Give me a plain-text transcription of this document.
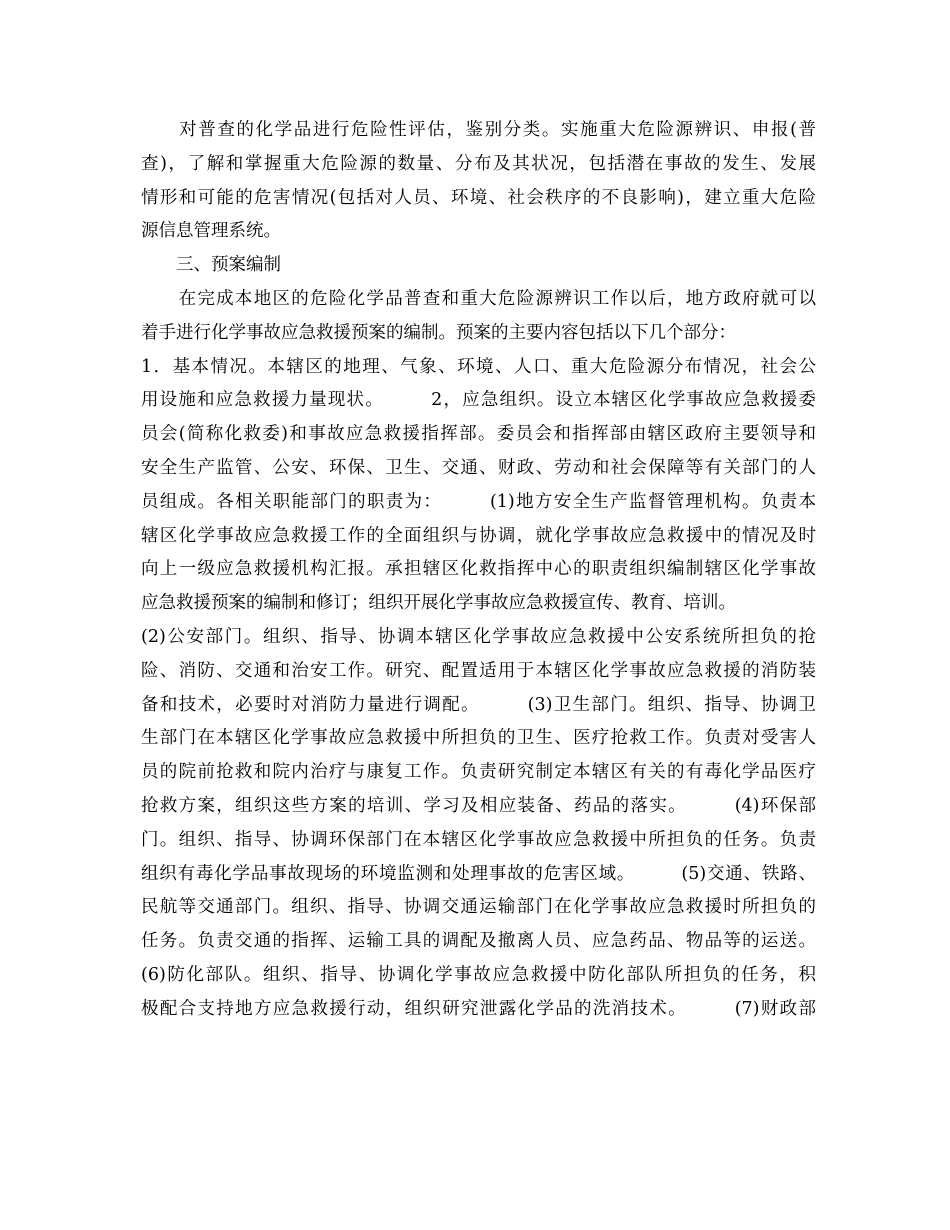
　　对普查的化学品进行危险性评估，鉴别分类。实施重大危险源辨识、申报(普
查)，了解和掌握重大危险源的数量、分布及其状况，包括潜在事故的发生、发展
情形和可能的危害情况(包括对人员、环境、社会秩序的不良影响)，建立重大危险
源信息管理系统。
　　三、预案编制
　　在完成本地区的危险化学品普查和重大危险源辨识工作以后，地方政府就可以
着手进行化学事故应急救援预案的编制。预案的主要内容包括以下几个部分：
1．基本情况。本辖区的地理、气象、环境、人口、重大危险源分布情况，社会公
用设施和应急救援力量现状。　　　2，应急组织。设立本辖区化学事故应急救援委
员会(简称化救委)和事故应急救援指挥部。委员会和指挥部由辖区政府主要领导和
安全生产监管、公安、环保、卫生、交通、财政、劳动和社会保障等有关部门的人
员组成。各相关职能部门的职责为：　　　(1)地方安全生产监督管理机构。负责本
辖区化学事故应急救援工作的全面组织与协调，就化学事故应急救援中的情况及时
向上一级应急救援机构汇报。承担辖区化救指挥中心的职责组织编制辖区化学事故
应急救援预案的编制和修订；组织开展化学事故应急救援宣传、教育、培训。
(2)公安部门。组织、指导、协调本辖区化学事故应急救援中公安系统所担负的抢
险、消防、交通和治安工作。研究、配置适用于本辖区化学事故应急救援的消防装
备和技术，必要时对消防力量进行调配。　　　(3)卫生部门。组织、指导、协调卫
生部门在本辖区化学事故应急救援中所担负的卫生、医疗抢救工作。负责对受害人
员的院前抢救和院内治疗与康复工作。负责研究制定本辖区有关的有毒化学品医疗
抢救方案，组织这些方案的培训、学习及相应装备、药品的落实。　　　(4)环保部
门。组织、指导、协调环保部门在本辖区化学事故应急救援中所担负的任务。负责
组织有毒化学品事故现场的环境监测和处理事故的危害区域。　　　(5)交通、铁路、
民航等交通部门。组织、指导、协调交通运输部门在化学事故应急救援时所担负的
任务。负责交通的指挥、运输工具的调配及撤离人员、应急药品、物品等的运送。
(6)防化部队。组织、指导、协调化学事故应急救援中防化部队所担负的任务，积
极配合支持地方应急救援行动，组织研究泄露化学品的洗消技术。　　　(7)财政部
